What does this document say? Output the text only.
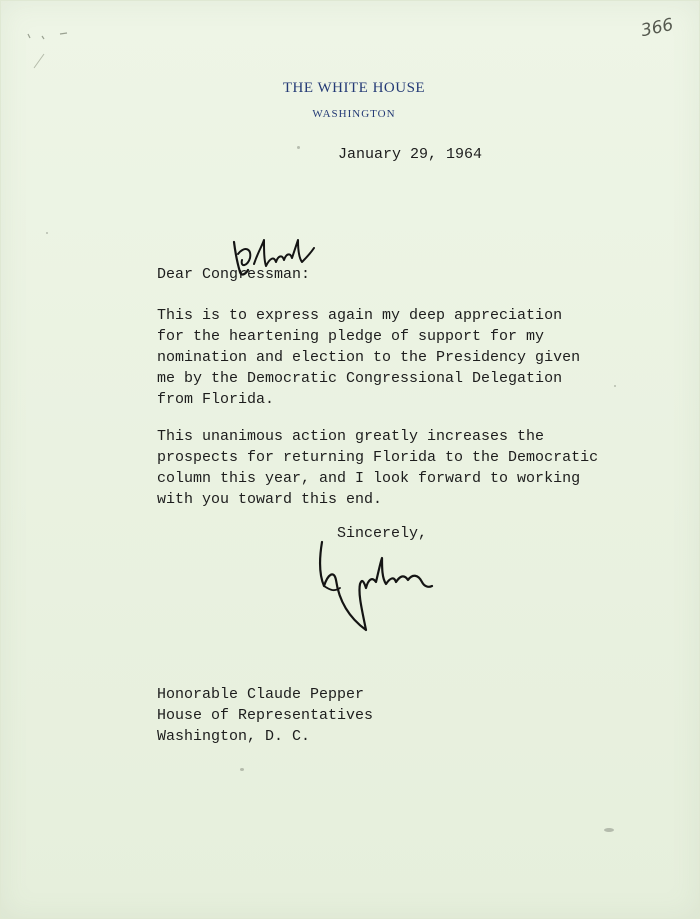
366
THE WHITE HOUSE
WASHINGTON
January 29, 1964
Dear Congressman:
This is to express again my deep appreciation
for the heartening pledge of support for my
nomination and election to the Presidency given
me by the Democratic Congressional Delegation
from Florida.
This unanimous action greatly increases the
prospects for returning Florida to the Democratic
column this year, and I look forward to working
with you toward this end.
Sincerely,
Honorable Claude Pepper
House of Representatives
Washington, D. C.
